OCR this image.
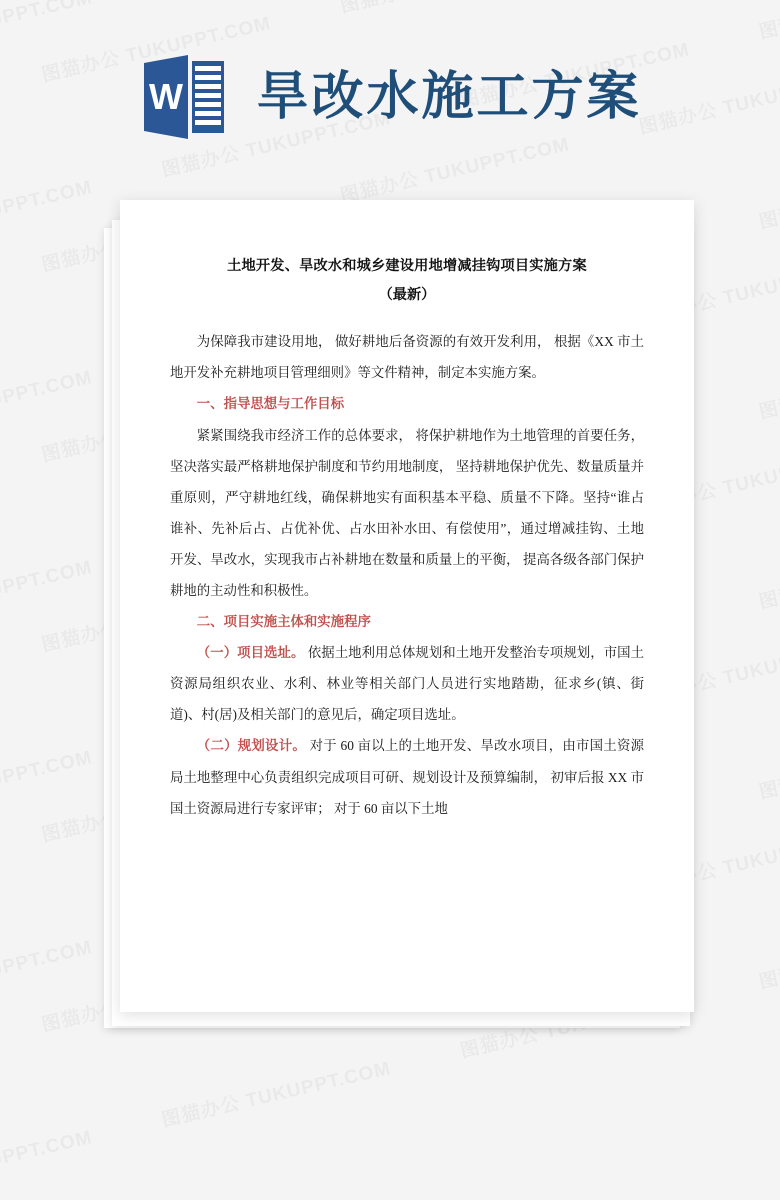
W 旱改水施工方案
土地开发、旱改水和城乡建设用地增减挂钩项目实施方案
（最新）

为保障我市建设用地， 做好耕地后备资源的有效开发利用， 根据《XX 市土地开发补充耕地项目管理细则》等文件精神，制定本实施方案。

一、指导思想与工作目标

紧紧围绕我市经济工作的总体要求， 将保护耕地作为土地管理的首要任务， 坚决落实最严格耕地保护制度和节约用地制度， 坚持耕地保护优先、数量质量并重原则，严守耕地红线，确保耕地实有面积基本平稳、质量不下降。坚持“谁占谁补、先补后占、占优补优、占水田补水田、有偿使用”，通过增减挂钩、土地开发、旱改水，实现我市占补耕地在数量和质量上的平衡， 提高各级各部门保护耕地的主动性和积极性。

二、项目实施主体和实施程序

（一）项目选址。 依据土地利用总体规划和土地开发整治专项规划，市国土资源局组织农业、水利、林业等相关部门人员进行实地踏勘，征求乡(镇、街道)、村(居)及相关部门的意见后，确定项目选址。

（二）规划设计。 对于 60 亩以上的土地开发、旱改水项目，由市国土资源局土地整理中心负责组织完成项目可研、规划设计及预算编制， 初审后报 XX 市国土资源局进行专家评审； 对于 60 亩以下土地
